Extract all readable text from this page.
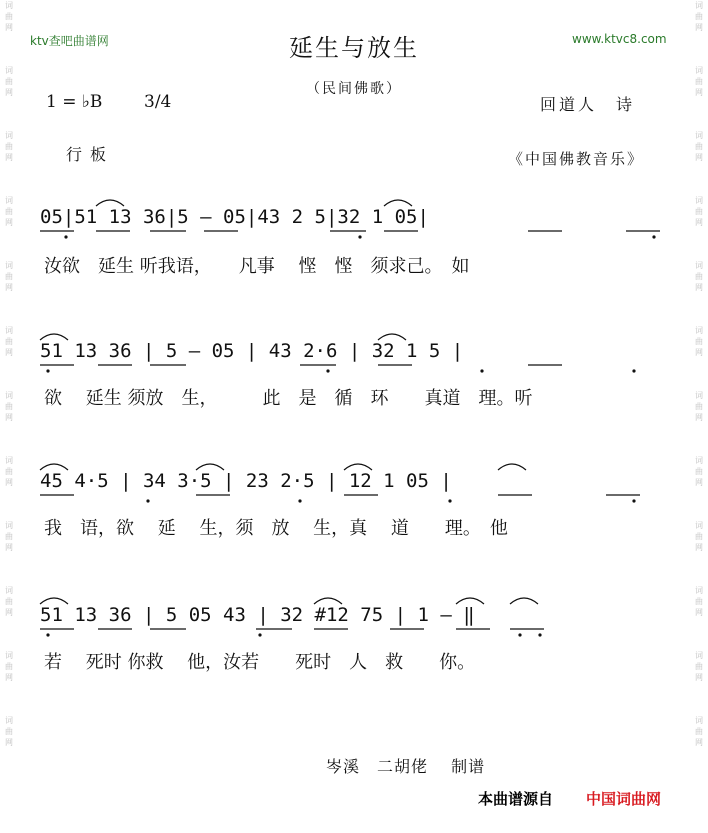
词曲网
词曲网
词曲网
词曲网
词曲网
词曲网
词曲网
词曲网
词曲网
词曲网
词曲网
词曲网
词曲网
词曲网
词曲网
词曲网
词曲网
词曲网
词曲网
词曲网
词曲网
词曲网
词曲网
词曲网
ktv查吧曲谱网	www.ktvc8.com
延生与放生
（民间佛歌）
1 = ♭B 3/4	回道人　诗
行板	《中国佛教音乐》
05|51 13 36|5 — 05|43 2 5|32 1 05|
汝欲　延生 听我语，　　凡事　 悭　悭　须求己。　如
51 13 36 | 5 — 05 | 43 2·6 | 32 1 5 |
欲　 延生 须放　生，　　　此　是　循　环　　真道　理。听
45 4·5 | 34 3·5 | 23 2·5 | 12 1 05 |
我　语，欲　 延　 生，须　放　 生，真　 道　　理。　他
51 13 36 | 5 05 43 | 32 #12 75 | 1 — ‖
若　 死时 你救　 他，汝若　　死时　人　救　　你。
岑溪　二胡佬　 制谱
本曲谱源自 中国词曲网
